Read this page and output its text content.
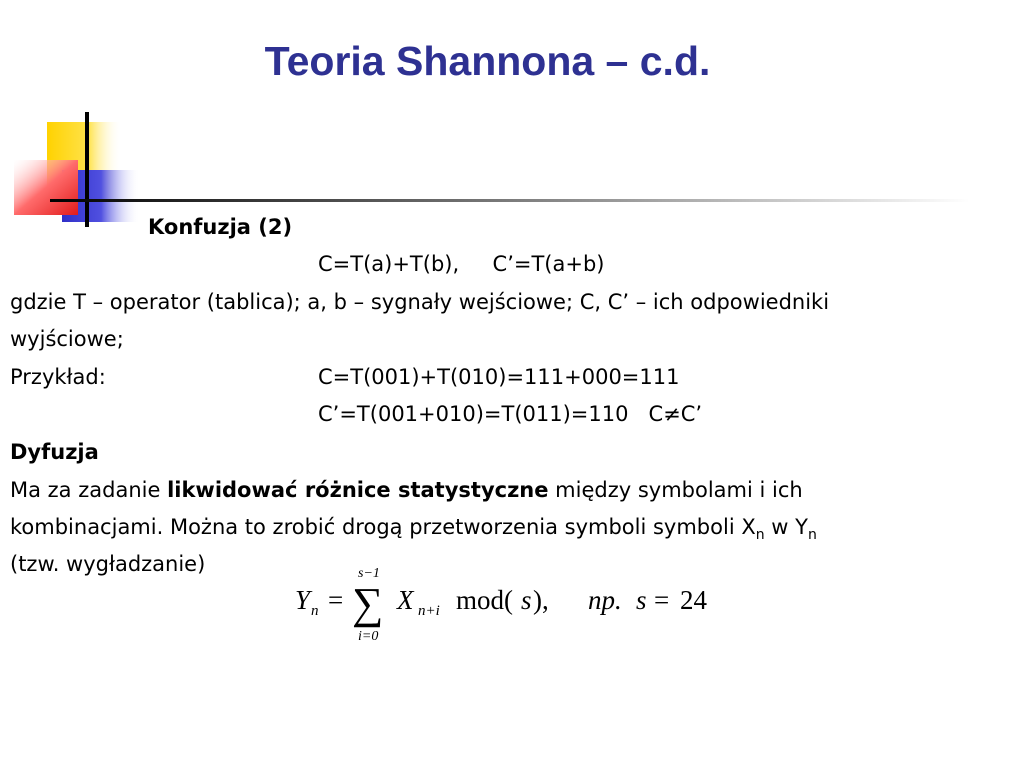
Teoria Shannona – c.d.
Konfuzja (2)
C=T(a)+T(b),     C’=T(a+b)
gdzie T – operator (tablica); a, b – sygnały wejściowe; C, C’ – ich odpowiedniki
wyjściowe;
Przykład:	C=T(001)+T(010)=111+000=111
C’=T(001+010)=T(011)=110   C≠C’
Dyfuzja
Ma za zadanie likwidować różnice statystyczne między symbolami i ich
kombinacjami. Można to zrobić drogą przetworzenia symboli symboli $X_n$ w $Y_n$
(tzw. wygładzanie)
Y n =
s−1
∑
i=0
X n+i mod( s ), np. s = 24
